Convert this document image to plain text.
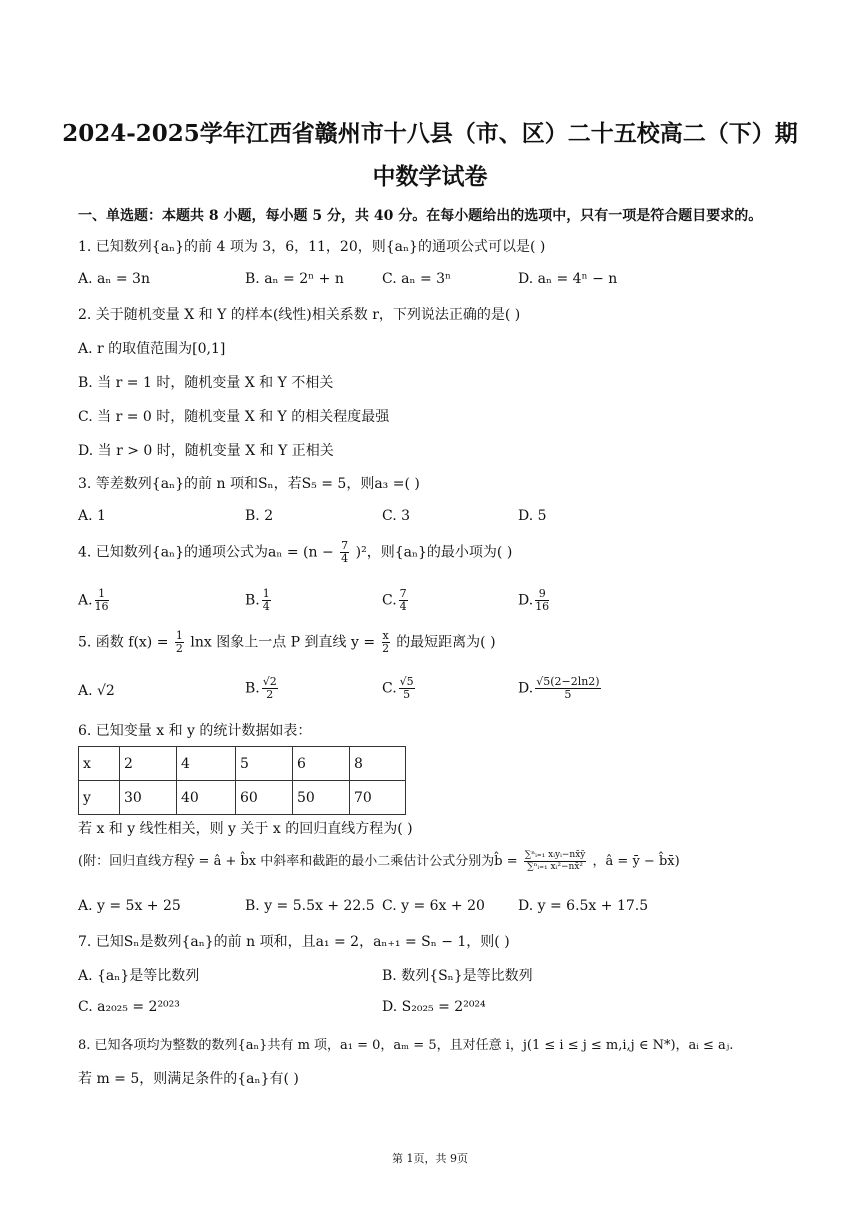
2024-2025学年江西省赣州市十八县（市、区）二十五校高二（下）期
中数学试卷
一、单选题：本题共 8 小题，每小题 5 分，共 40 分。在每小题给出的选项中，只有一项是符合题目要求的。
1. 已知数列{aₙ}的前 4 项为 3，6，11，20，则{aₙ}的通项公式可以是( )
A. aₙ = 3n	B. aₙ = 2ⁿ + n	C. aₙ = 3ⁿ	D. aₙ = 4ⁿ − n
2. 关于随机变量 X 和 Y 的样本(线性)相关系数 r，下列说法正确的是( )
A. r 的取值范围为[0,1]
B. 当 r = 1 时，随机变量 X 和 Y 不相关
C. 当 r = 0 时，随机变量 X 和 Y 的相关程度最强
D. 当 r > 0 时，随机变量 X 和 Y 正相关
3. 等差数列{aₙ}的前 n 项和Sₙ，若S₅ = 5，则a₃ =( )
A. 1	B. 2	C. 3	D. 5
4. 已知数列{aₙ}的通项公式为$a_n = (n - \frac{7}{4} )^2$，则{aₙ}的最小项为( )
A. $\frac{1}{16}$	B. $\frac{1}{4}$	C. $\frac{7}{4}$	D. $\frac{9}{16}$
5. 函数 $f(x) = \frac{1}{2}$ lnx 图象上一点 P 到直线 $y = \frac{x}{2}$ 的最短距离为( )
A. √2	B. $\frac{√2}{2}$	C. $\frac{√5}{5}$	D. $\frac{√5(2-2\ln 2)}{5}$
6. 已知变量 x 和 y 的统计数据如表：
x	2	4	5	6	8
y	30	40	60	50	70
若 x 和 y 线性相关，则 y 关于 x 的回归直线方程为( )
(附：回归直线方程ŷ = â + b̂x 中斜率和截距的最小二乘估计公式分别为b̂ = $\frac{\text{∑ⁿᵢ₌₁ xᵢyᵢ−nx̄ȳ}}{\text{∑ⁿᵢ₌₁ xᵢ²−nx̄²}}$ ，â = ȳ − b̂x̄)
A. y = 5x + 25	B. y = 5.5x + 22.5 C. y = 6x + 20 D. y = 6.5x + 17.5
7. 已知Sₙ是数列{aₙ}的前 n 项和，且a₁ = 2，aₙ₊₁ = Sₙ − 1，则( )
A. {aₙ}是等比数列	B. 数列{Sₙ}是等比数列
C. a₂₀₂₅ = 2²⁰²³	D. S₂₀₂₅ = 2²⁰²⁴
8. 已知各项均为整数的数列{aₙ}共有 m 项，a₁ = 0，aₘ = 5，且对任意 i，j(1 ≤ i ≤ j ≤ m,i,j ∈ N*)，aᵢ ≤ aⱼ.
若 m = 5，则满足条件的{aₙ}有( )
第 1页，共 9页
